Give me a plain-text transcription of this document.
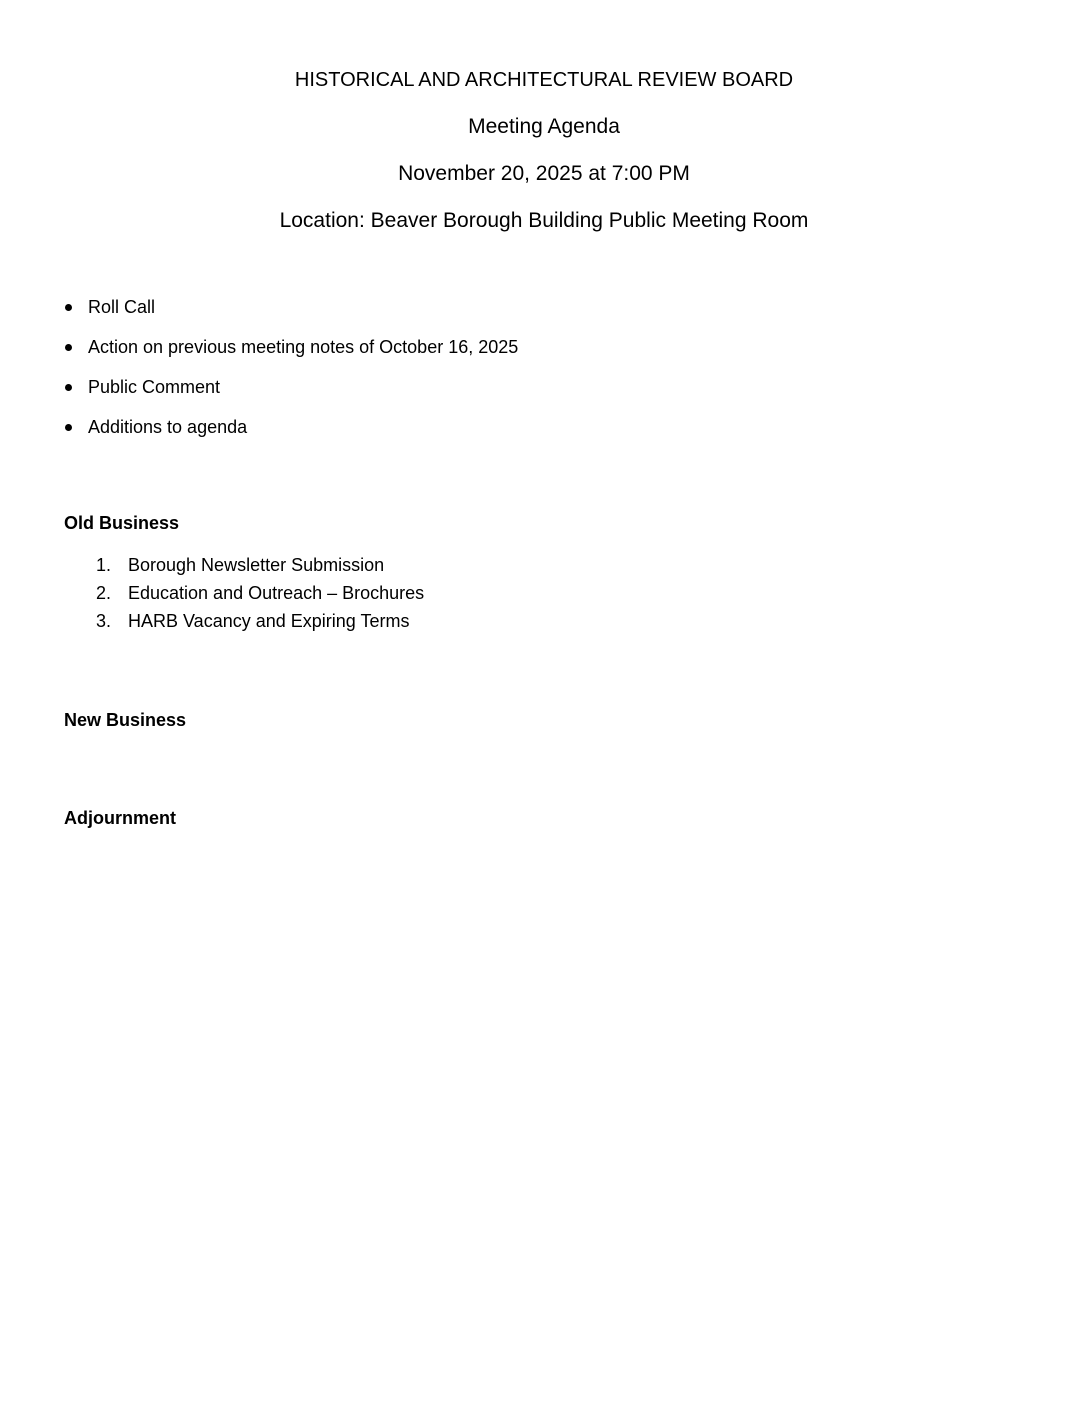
HISTORICAL AND ARCHITECTURAL REVIEW BOARD
Meeting Agenda
November 20, 2025 at 7:00 PM
Location: Beaver Borough Building Public Meeting Room
Roll Call
Action on previous meeting notes of October 16, 2025
Public Comment
Additions to agenda
Old Business
1. Borough Newsletter Submission
2. Education and Outreach – Brochures
3. HARB Vacancy and Expiring Terms
New Business
Adjournment
